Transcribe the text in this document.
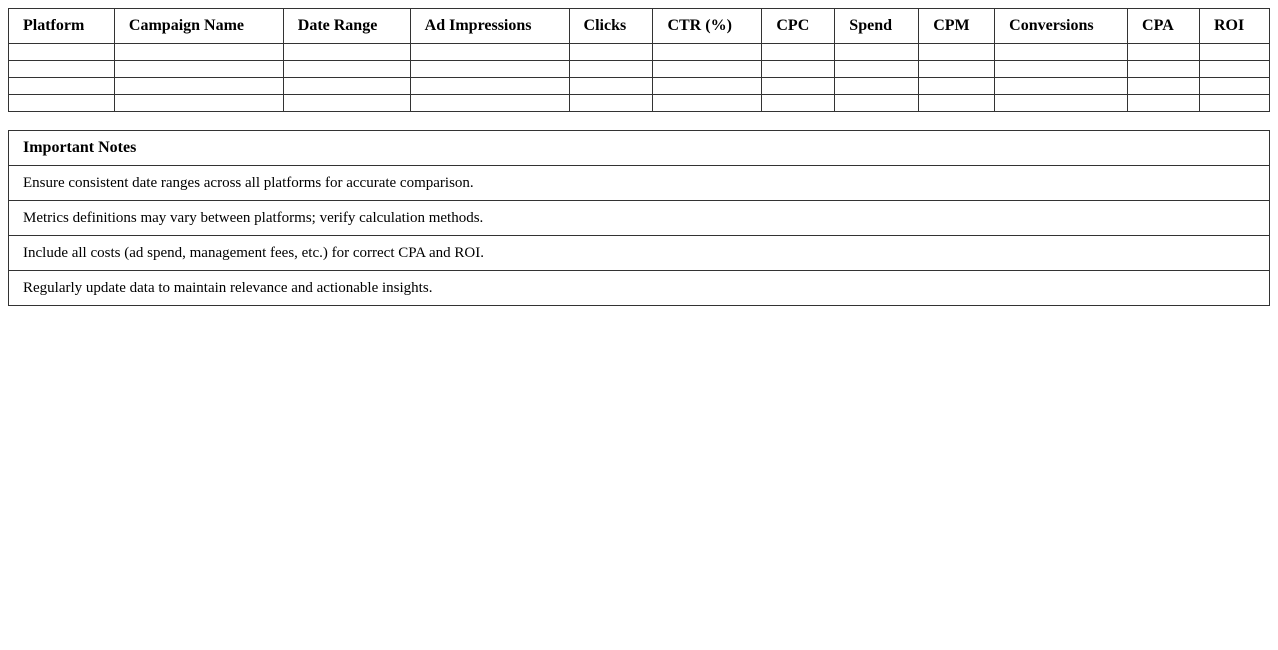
Platform	Campaign Name	Date Range	Ad Impressions	Clicks	CTR (%)	CPC	Spend	CPM	Conversions	CPA	ROI

Important Notes
Ensure consistent date ranges across all platforms for accurate comparison.
Metrics definitions may vary between platforms; verify calculation methods.
Include all costs (ad spend, management fees, etc.) for correct CPA and ROI.
Regularly update data to maintain relevance and actionable insights.
